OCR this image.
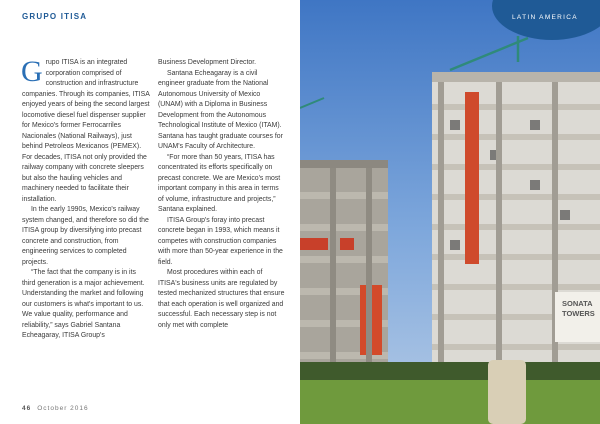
GRUPO ITISA

Grupo ITISA is an integrated corporation comprised of construction and infrastructure companies. Through its companies, ITISA enjoyed years of being the second largest locomotive diesel fuel dispenser supplier for Mexico's former Ferrocarriles Nacionales (National Railways), just behind Petroleos Mexicanos (PEMEX). For decades, ITISA not only provided the railway company with concrete sleepers but also the hauling vehicles and machinery needed to facilitate their installation.

In the early 1990s, Mexico's railway system changed, and therefore so did the ITISA group by diversifying into precast concrete and construction, from engineering services to completed projects.

“The fact that the company is in its third generation is a major achievement. Understanding the market and following our customers is what's important to us. We value quality, performance and reliability,” says Gabriel Santana Echeagaray, ITISA Group's

Business Development Director.

Santana Echeagaray is a civil engineer graduate from the National Autonomous University of Mexico (UNAM) with a Diploma in Business Development from the Autonomous Technological Institute of Mexico (ITAM). Santana has taught graduate courses for UNAM's Faculty of Architecture.

“For more than 50 years, ITISA has concentrated its efforts specifically on precast concrete. We are Mexico's most important company in this area in terms of volume, infrastructure and projects,” Santana explained.

ITISA Group's foray into precast concrete began in 1993, which means it competes with construction companies with more than 50-year experience in the field.

Most procedures within each of ITISA's business units are regulated by tested mechanized structures that ensure that each operation is well organized and successful. Each necessary step is not only met with complete

46 October 2016
SONATA
TOWERS
LATIN AMERICA
